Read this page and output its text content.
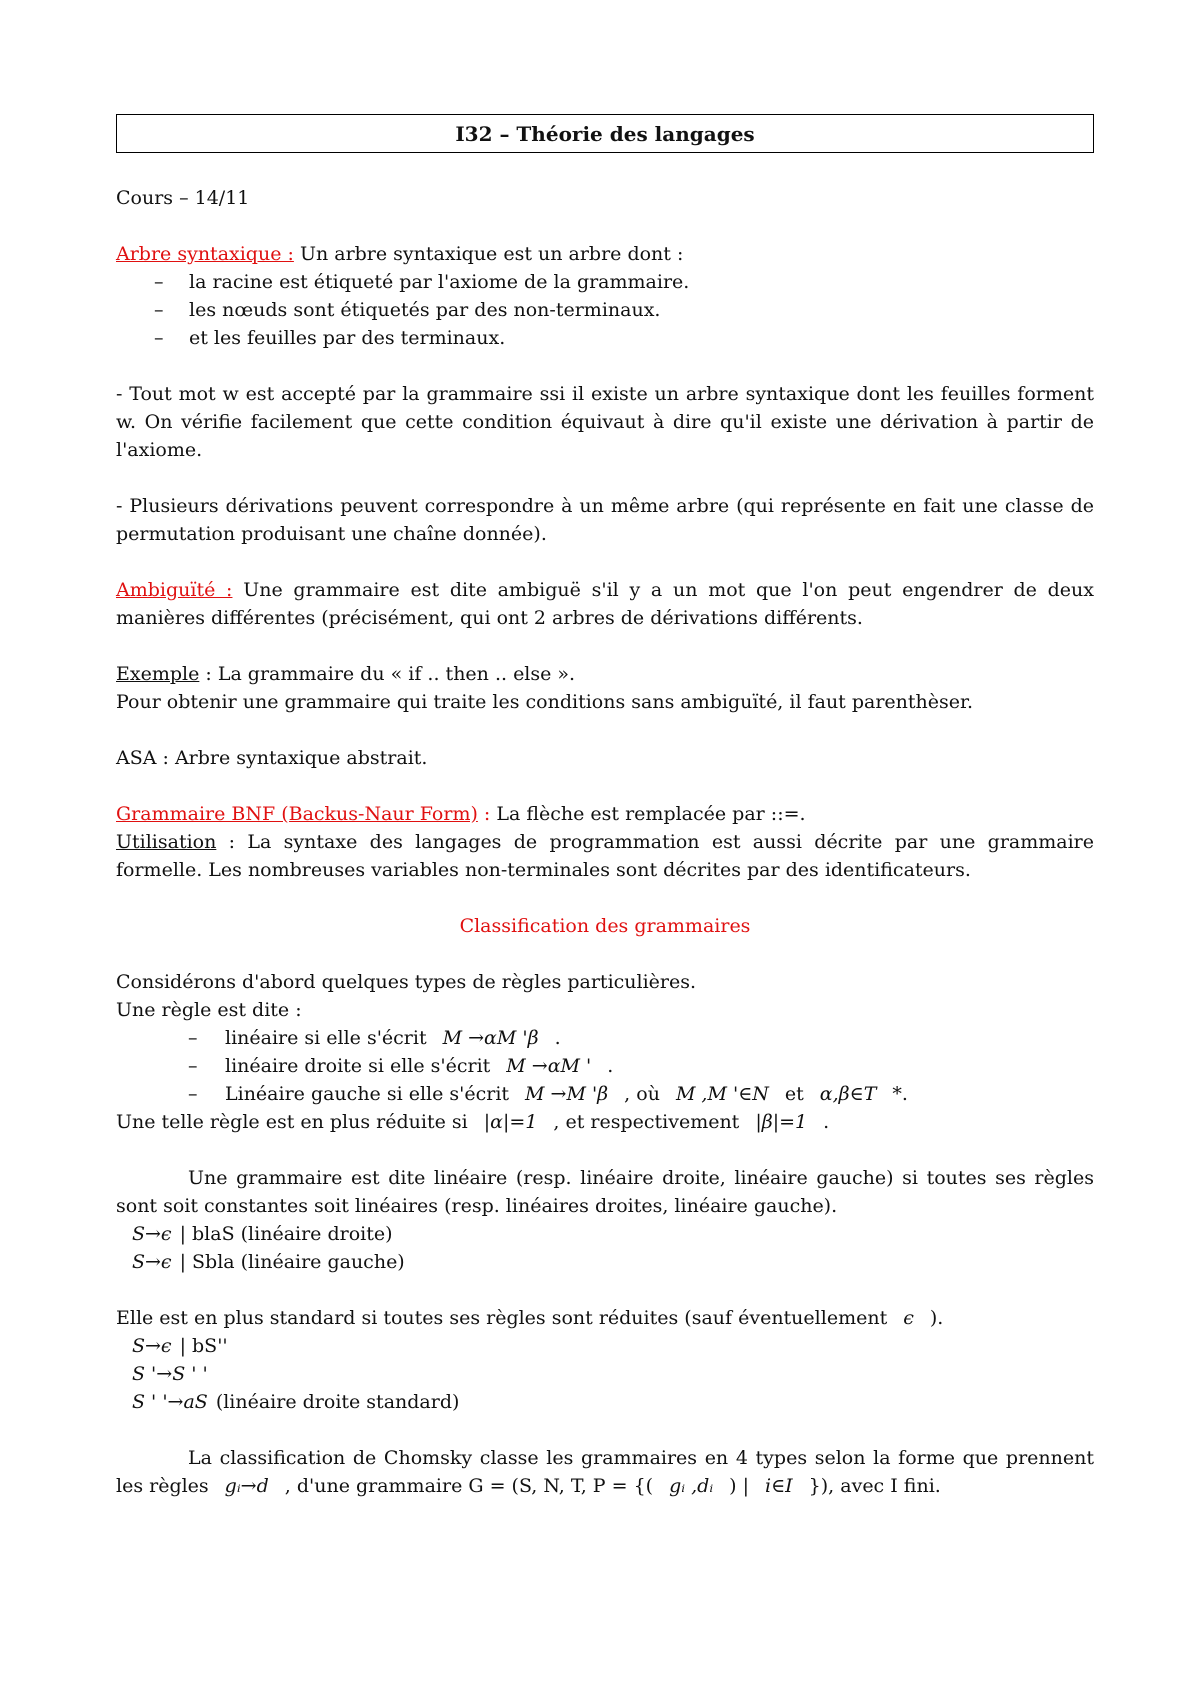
I32 – Théorie des langages

Cours – 14/11

Arbre syntaxique : Un arbre syntaxique est un arbre dont :

– la racine est étiqueté par l'axiome de la grammaire.
– les nœuds sont étiquetés par des non-terminaux.
– et les feuilles par des terminaux.

- Tout mot w est accepté par la grammaire ssi il existe un arbre syntaxique dont les feuilles forment w. On vérifie facilement que cette condition équivaut à dire qu'il existe une dérivation à partir de l'axiome.

- Plusieurs dérivations peuvent correspondre à un même arbre (qui représente en fait une classe de permutation produisant une chaîne donnée).

Ambiguïté : Une grammaire est dite ambiguë s'il y a un mot que l'on peut engendrer de deux manières différentes (précisément, qui ont 2 arbres de dérivations différents.

Exemple : La grammaire du « if .. then .. else ».

Pour obtenir une grammaire qui traite les conditions sans ambiguïté, il faut parenthèser.

ASA : Arbre syntaxique abstrait.

Grammaire BNF (Backus-Naur Form) : La flèche est remplacée par ::=.

Utilisation : La syntaxe des langages de programmation est aussi décrite par une grammaire formelle. Les nombreuses variables non-terminales sont décrites par des identificateurs.

Classification des grammaires

Considérons d'abord quelques types de règles particulières.

Une règle est dite :

– linéaire si elle s'écrit M →αM 'β .
– linéaire droite si elle s'écrit M →αM ' .
– Linéaire gauche si elle s'écrit M →M 'β , où M ,M '∈N et α,β∈T *.

Une telle règle est en plus réduite si |α|=1 , et respectivement |β|=1 .

Une grammaire est dite linéaire (resp. linéaire droite, linéaire gauche) si toutes ses règles sont soit constantes soit linéaires (resp. linéaires droites, linéaire gauche).

S→ϵ | blaS (linéaire droite)

S→ϵ | Sbla (linéaire gauche)

Elle est en plus standard si toutes ses règles sont réduites (sauf éventuellement ϵ ).

S→ϵ | bS''

S '→S ' '

S ' '→aS (linéaire droite standard)

La classification de Chomsky classe les grammaires en 4 types selon la forme que prennent les règles gᵢ→d , d'une grammaire G = (S, N, T, P = {( gᵢ ,dᵢ ) | i∈I }), avec I fini.
